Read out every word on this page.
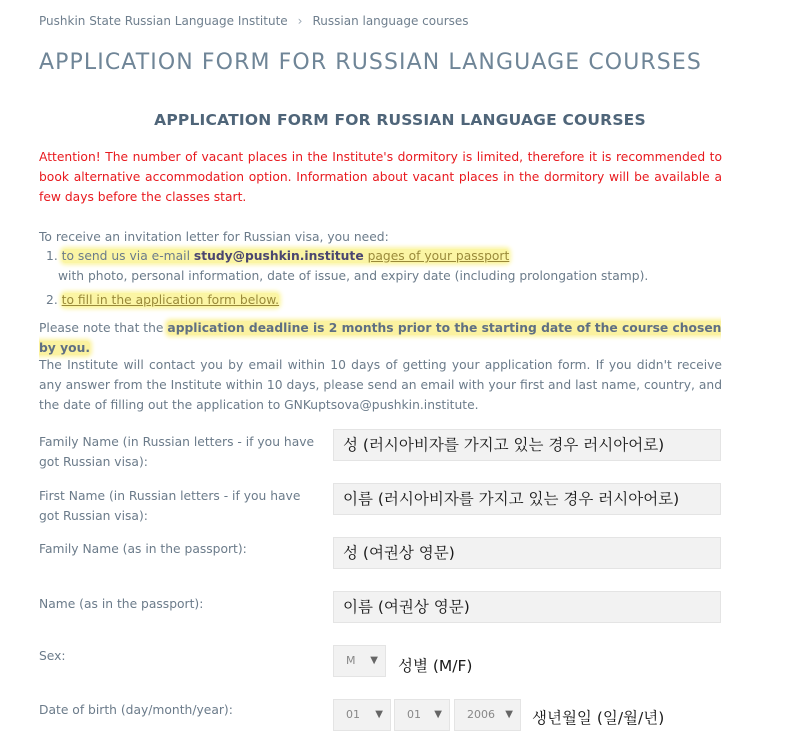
Pushkin State Russian Language Institute › Russian language courses
APPLICATION FORM FOR RUSSIAN LANGUAGE COURSES
APPLICATION FORM FOR RUSSIAN LANGUAGE COURSES
Attention! The number of vacant places in the Institute's dormitory is limited, therefore it is recommended to book alternative accommodation option. Information about vacant places in the dormitory will be available a few days before the classes start.
To receive an invitation letter for Russian visa, you need:
1. to send us via e-mail study@pushkin.institute pages of your passport
with photo, personal information, date of issue, and expiry date (including prolongation stamp).
2. to fill in the application form below.
Please note that the application deadline is 2 months prior to the starting date of the course chosen by you.
The Institute will contact you by email within 10 days of getting your application form. If you didn't receive any answer from the Institute within 10 days, please send an email with your first and last name, country, and the date of filling out the application to GNKuptsova@pushkin.institute.
Family Name (in Russian letters - if you have got Russian visa):
성 (러시아비자를 가지고 있는 경우 러시아어로)
First Name (in Russian letters - if you have got Russian visa):
이름 (러시아비자를 가지고 있는 경우 러시아어로)
Family Name (as in the passport):	성 (여권상 영문)
Name (as in the passport):	이름 (여권상 영문)
Sex:	M ▼ 성별 (M/F)
Date of birth (day/month/year):	01 ▼ 01 ▼ 2006 ▼ 생년월일 (일/월/년)
